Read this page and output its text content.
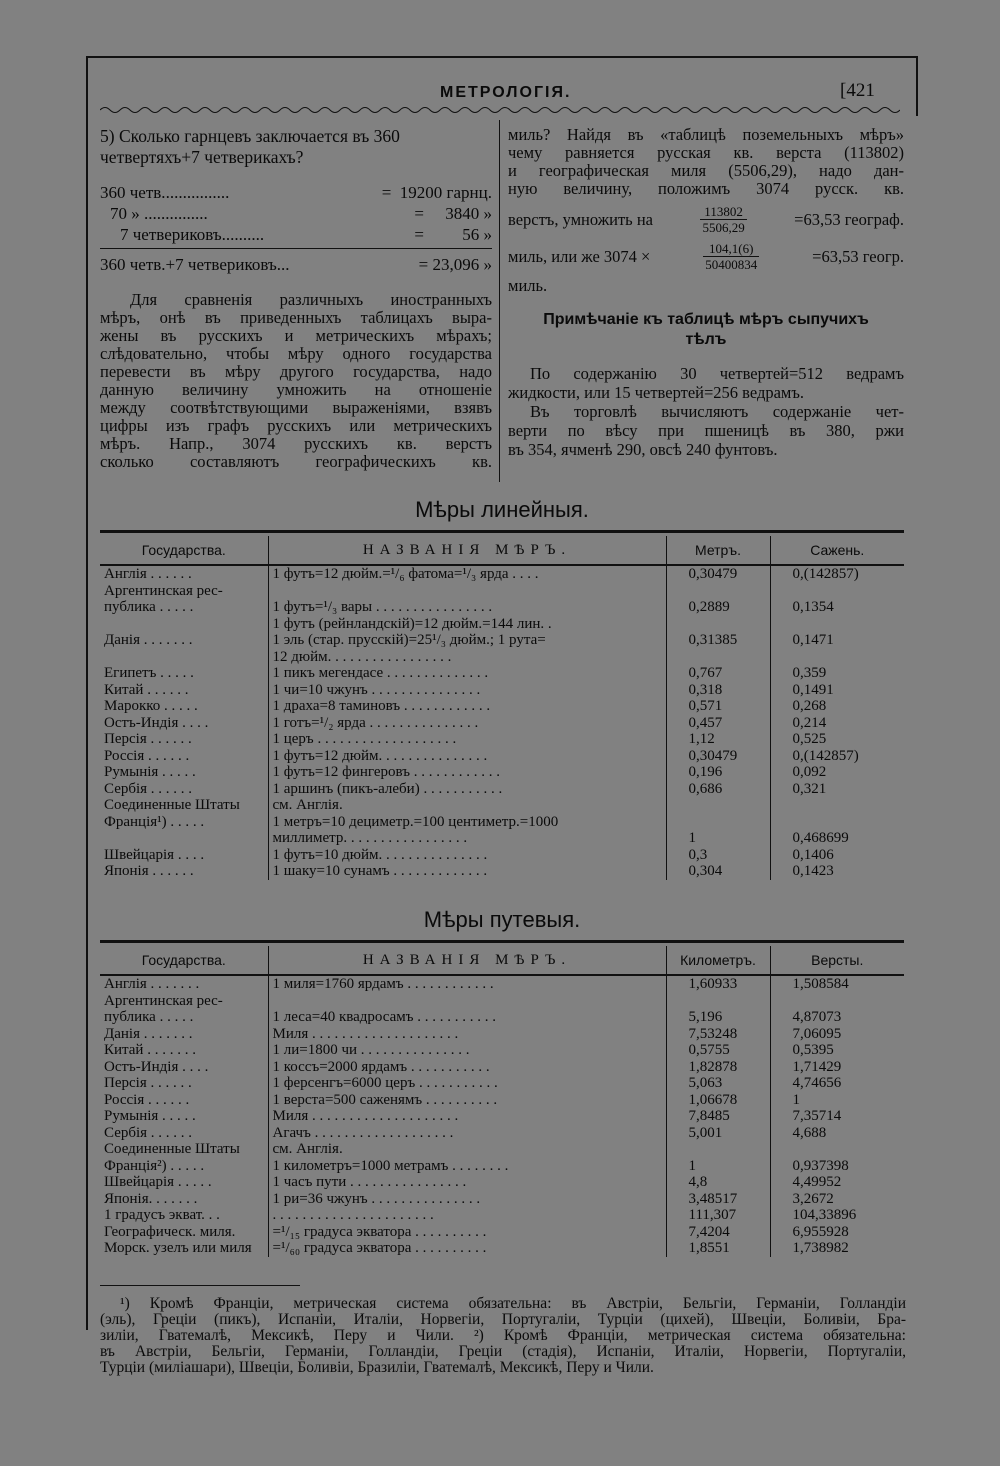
МЕТРОЛОГІЯ.	[421
5) Сколько гарнцевъ заключается въ 360
четвертяхъ+7 четверикахъ?
360 четв................	= 19200 гарнц.
70 » ...............	= 3840 »
7 четвериковъ..........	= 56 »
360 четв.+7 четвериковъ...	= 23,096 »
Для сравненія различныхъ иностранныхъ
мѣръ, онѣ въ приведенныхъ таблицахъ выра-
жены въ русскихъ и метрическихъ мѣрахъ;
слѣдовательно, чтобы мѣру одного государства
перевести въ мѣру другого государства, надо
данную величину умножить на отношеніе
между соотвѣтствующими выраженіями, взявъ
цифры изъ графъ русскихъ или метрическихъ
мѣръ. Напр., 3074 русскихъ кв. верстъ
сколько составляютъ географическихъ кв.
миль? Найдя въ «таблицѣ поземельныхъ мѣръ»
чему равняется русская кв. верста (113802)
и географическая миля (5506,29), надо дан-
ную величину, положимъ 3074 русск. кв.
верстъ, умножить на	$\frac{113802}{5506,29}$	=63,53 географ.
миль, или же 3074 ×	$\frac{104,1(6)}{50400834}$	=63,53 геогр.
миль.
Примѣчаніе къ таблицѣ мѣръ сыпучихъ
тѣлъ
По содержанію 30 четвертей=512 ведрамъ
жидкости, или 15 четвертей=256 ведрамъ.
Въ торговлѣ вычисляютъ содержаніе чет-
верти по вѣсу при пшеницѣ въ 380, ржи
въ 354, ячменѣ 290, овсѣ 240 фунтовъ.
Мѣры линейныя.
Государства.	НАЗВАНІЯ МѢРЪ.	Метръ.	Сажень.
Англія . . . . . .	1 футъ=12 дюйм.=¹/₆ фатома=¹/₃ ярда . . . .	0,30479	0,(142857)
Аргентинская рес-			
публика . . . . .	1 футъ=¹/₃ вары . . . . . . . . . . . . . . . .	0,2889	0,1354
	1 футъ (рейнландскій)=12 дюйм.=144 лин. .		
Данія . . . . . . .	1 эль (стар. прусскій)=25¹/₃ дюйм.; 1 рута=	0,31385	0,1471
	12 дюйм. . . . . . . . . . . . . . . . .		
Египетъ . . . . .	1 пикъ мегендасе . . . . . . . . . . . . . .	0,767	0,359
Китай . . . . . .	1 чи=10 чжунъ . . . . . . . . . . . . . . .	0,318	0,1491
Марокко . . . . .	1 драха=8 таминовъ . . . . . . . . . . . .	0,571	0,268
Остъ-Индія . . . .	1 готъ=¹/₂ ярда . . . . . . . . . . . . . . .	0,457	0,214
Персія . . . . . .	1 церъ . . . . . . . . . . . . . . . . . . .	1,12	0,525
Россія . . . . . .	1 футъ=12 дюйм. . . . . . . . . . . . . . .	0,30479	0,(142857)
Румынія . . . . .	1 футъ=12 фингеровъ . . . . . . . . . . . .	0,196	0,092
Сербія . . . . . .	1 аршинъ (пикъ-алеби) . . . . . . . . . . .	0,686	0,321
Соединенные Штаты	см. Англія.		
Франція¹) . . . . .	1 метръ=10 дециметр.=100 центиметр.=1000		
	миллиметр. . . . . . . . . . . . . . . . .	1	0,468699
Швейцарія . . . .	1 футъ=10 дюйм. . . . . . . . . . . . . . .	0,3	0,1406
Японія . . . . . .	1 шаку=10 сунамъ . . . . . . . . . . . . .	0,304	0,1423
Мѣры путевыя.
Государства.	НАЗВАНІЯ МѢРЪ.	Километръ.	Версты.
Англія . . . . . . .	1 миля=1760 ярдамъ . . . . . . . . . . . .	1,60933	1,508584
Аргентинская рес-			
публика . . . . .	1 леса=40 квадросамъ . . . . . . . . . . .	5,196	4,87073
Данія . . . . . . .	Миля . . . . . . . . . . . . . . . . . . . .	7,53248	7,06095
Китай . . . . . . .	1 ли=1800 чи . . . . . . . . . . . . . . .	0,5755	0,5395
Остъ-Индія . . . .	1 коссъ=2000 ярдамъ . . . . . . . . . . .	1,82878	1,71429
Персія . . . . . .	1 ферсенгъ=6000 церъ . . . . . . . . . . .	5,063	4,74656
Россія . . . . . .	1 верста=500 саженямъ . . . . . . . . . .	1,06678	1
Румынія . . . . .	Миля . . . . . . . . . . . . . . . . . . . .	7,8485	7,35714
Сербія . . . . . .	Агачъ . . . . . . . . . . . . . . . . . . .	5,001	4,688
Соединенные Штаты	см. Англія.		
Франція²) . . . . .	1 километръ=1000 метрамъ . . . . . . . .	1	0,937398
Швейцарія . . . . .	1 часъ пути . . . . . . . . . . . . . . . .	4,8	4,49952
Японія. . . . . . .	1 ри=36 чжунъ . . . . . . . . . . . . . . .	3,48517	3,2672
1 градусъ экват. . .	. . . . . . . . . . . . . . . . . . . . . .	111,307	104,33896
Географическ. миля.	=¹/₁₅ градуса экватора . . . . . . . . . .	7,4204	6,955928
Морск. узелъ или миля	=¹/₆₀ градуса экватора . . . . . . . . . .	1,8551	1,738982
¹) Кромѣ Франціи, метрическая система обязательна: въ Австріи, Бельгіи, Германіи, Голландіи
(эль), Греціи (пикъ), Испаніи, Италіи, Норвегіи, Португаліи, Турціи (цихей), Швеціи, Боливіи, Бра-
зиліи, Гватемалѣ, Мексикѣ, Перу и Чили. ²) Кромѣ Франціи, метрическая система обязательна:
въ Австріи, Бельгіи, Германіи, Голландіи, Греціи (стадія), Испаніи, Италіи, Норвегіи, Португаліи,
Турціи (миліашари), Швеціи, Боливіи, Бразиліи, Гватемалѣ, Мексикѣ, Перу и Чили.
